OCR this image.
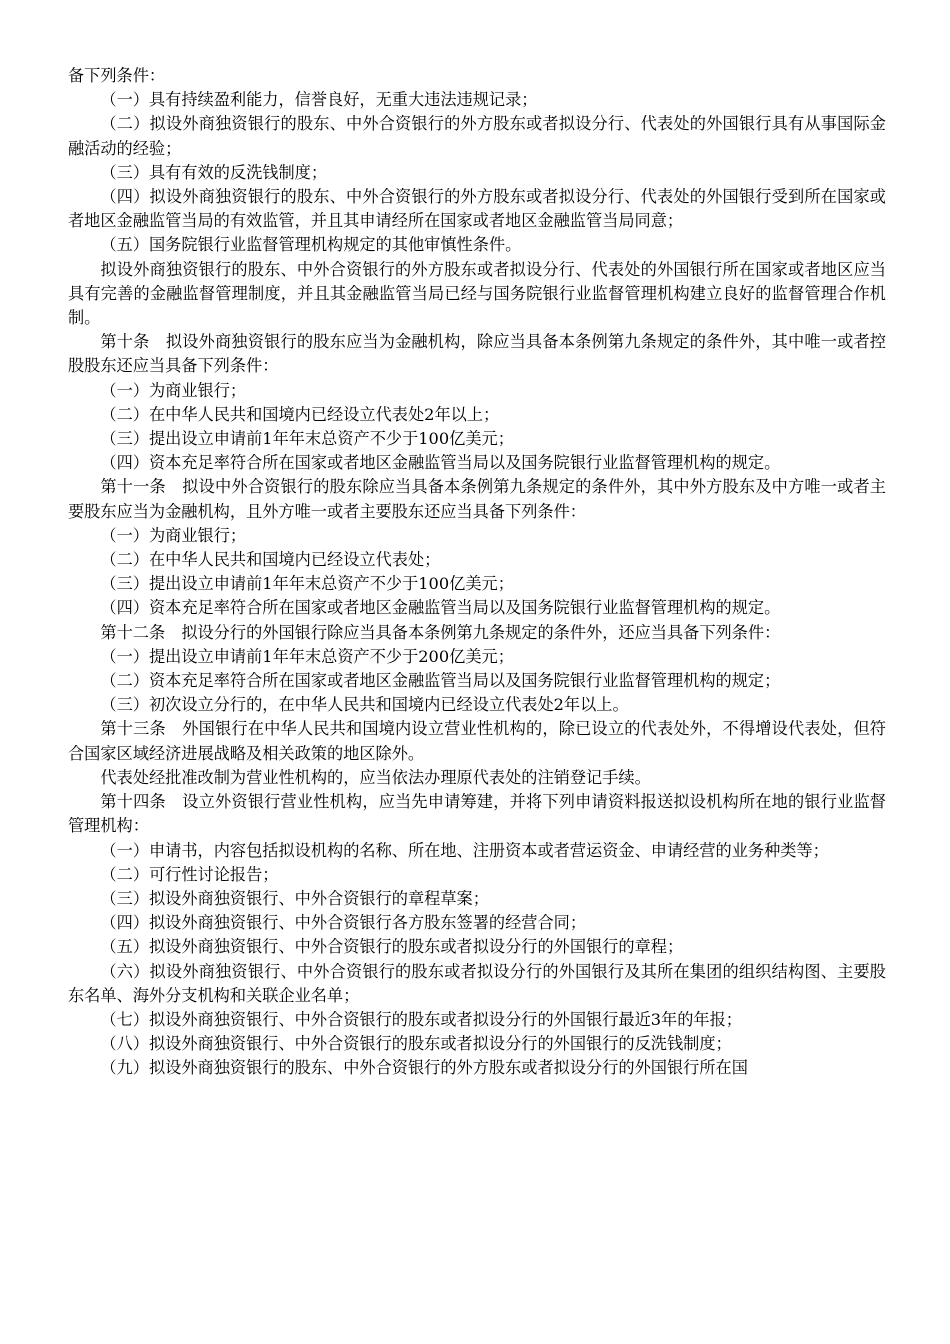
备下列条件：

（一）具有持续盈利能力，信誉良好，无重大违法违规记录；

（二）拟设外商独资银行的股东、中外合资银行的外方股东或者拟设分行、代表处的外国银行具有从事国际金融活动的经验；

（三）具有有效的反洗钱制度；

（四）拟设外商独资银行的股东、中外合资银行的外方股东或者拟设分行、代表处的外国银行受到所在国家或者地区金融监管当局的有效监管，并且其申请经所在国家或者地区金融监管当局同意；

（五）国务院银行业监督管理机构规定的其他审慎性条件。

拟设外商独资银行的股东、中外合资银行的外方股东或者拟设分行、代表处的外国银行所在国家或者地区应当具有完善的金融监督管理制度，并且其金融监管当局已经与国务院银行业监督管理机构建立良好的监督管理合作机制。

第十条　拟设外商独资银行的股东应当为金融机构，除应当具备本条例第九条规定的条件外，其中唯一或者控股股东还应当具备下列条件：

（一）为商业银行；

（二）在中华人民共和国境内已经设立代表处2年以上；

（三）提出设立申请前1年年末总资产不少于100亿美元；

（四）资本充足率符合所在国家或者地区金融监管当局以及国务院银行业监督管理机构的规定。

第十一条　拟设中外合资银行的股东除应当具备本条例第九条规定的条件外，其中外方股东及中方唯一或者主要股东应当为金融机构，且外方唯一或者主要股东还应当具备下列条件：

（一）为商业银行；

（二）在中华人民共和国境内已经设立代表处；

（三）提出设立申请前1年年末总资产不少于100亿美元；

（四）资本充足率符合所在国家或者地区金融监管当局以及国务院银行业监督管理机构的规定。

第十二条　拟设分行的外国银行除应当具备本条例第九条规定的条件外，还应当具备下列条件：

（一）提出设立申请前1年年末总资产不少于200亿美元；

（二）资本充足率符合所在国家或者地区金融监管当局以及国务院银行业监督管理机构的规定；

（三）初次设立分行的，在中华人民共和国境内已经设立代表处2年以上。

第十三条　外国银行在中华人民共和国境内设立营业性机构的，除已设立的代表处外，不得增设代表处，但符合国家区域经济进展战略及相关政策的地区除外。

代表处经批准改制为营业性机构的，应当依法办理原代表处的注销登记手续。

第十四条　设立外资银行营业性机构，应当先申请筹建，并将下列申请资料报送拟设机构所在地的银行业监督管理机构：

（一）申请书，内容包括拟设机构的名称、所在地、注册资本或者营运资金、申请经营的业务种类等；

（二）可行性讨论报告；

（三）拟设外商独资银行、中外合资银行的章程草案；

（四）拟设外商独资银行、中外合资银行各方股东签署的经营合同；

（五）拟设外商独资银行、中外合资银行的股东或者拟设分行的外国银行的章程；

（六）拟设外商独资银行、中外合资银行的股东或者拟设分行的外国银行及其所在集团的组织结构图、主要股东名单、海外分支机构和关联企业名单；

（七）拟设外商独资银行、中外合资银行的股东或者拟设分行的外国银行最近3年的年报；

（八）拟设外商独资银行、中外合资银行的股东或者拟设分行的外国银行的反洗钱制度；

（九）拟设外商独资银行的股东、中外合资银行的外方股东或者拟设分行的外国银行所在国
